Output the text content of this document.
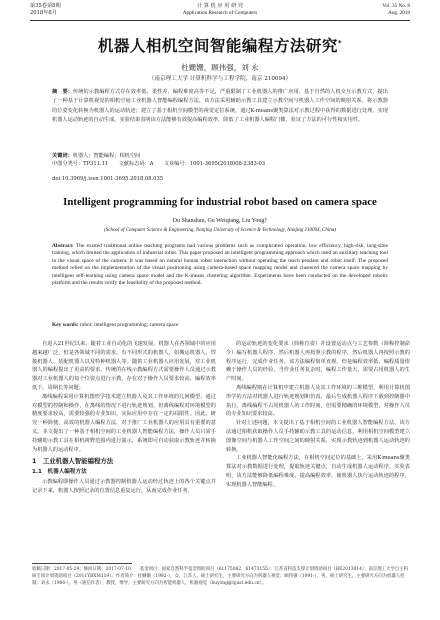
第35卷第8期
2018年8月
计 算 机 应 用 研 究
Application Research of Computers
Vol. 35 No. 8
Aug. 2018
机器人相机空间智能编程方法研究*
杜姗姗，顾伟强，刘 永
（南京理工大学 计算机科学与工程学院，南京 210094）
摘　要：传统的示教编程方式存在效率低、柔性差、编程难度高等不足，严重限制了工业机器人的推广应用。基于自然的人机交互示教方式，提出了一种基于计算机视觉的相机空间工业机器人智能编程编程方法，该方法采用辅助示教工具建立示教空间与机器人工作空间的映射关系，将示教器的位姿变化转换为机器人的运动轨迹；建立了基于相机空间模型的视觉定位系统，通过K-means聚类算法对示教过程中获得的数据进行处理，实现机器人运动轨迹的自动生成。实验结果表明该方法能够有效提高编程效率，降低了工业机器人编程门槛，验证了方法的可行性和实用性。
关键词：机器人；智能编程；相机空间
中图分类号：TP311.11　　文献标志码：A　　文章编号：1001-3695(2018)08-2383-03
doi:10.3969/j.issn.1001-3695.2018.08.035
Intelligent programming for industrial robot based on camera space
Du Shanshan, Gu Weiqiang, Liu Yong†
(School of Computer Science & Engineering, Nanjing University of Science & Technology, Nanjing 210094, China)
Abstract: The existed traditional online teaching programs had various problems such as complicated operation, low efficiency, high-risk, long-time training, which limited the application of industrial robot. This paper proposed an intelligent programming approach which used an auxiliary teaching tool in the visual space of the camera. It was based on natural human robot interaction without operating the teach pendant and robot itself. The proposed method relied on the implementation of the visual positioning using camera-based space mapping model and clustered the camera space mapping by intelligent self-learning using camera space model and the K-means clustering algorithm. Experiments have been conducted on the developed robotic platform and the results verify the feasibility of the proposed method.
Key words: robot; intelligent programming; camera space

自进入21世纪以来，随着工业自动化的飞速发展，机器人在各领域中的应用越来越广泛，但是各领域不同的需求，有不同形式的机器人，如搬运机器人、焊接机器人、装配机器人以及特种机器人等。随着工业机器人应用发展，对工业机器人的编程提出了更高的要求。传统的在线示教编程方式需要操作人员通过示教器对工业机器人的每个位姿点进行示教，存在对于操作人员要求较高、编程效率低下、周期长等问题。

离线编程采用计算机图形学技术建立机器人及其工作环境的几何模型，通过对模型的控制和操作，在离线的情况下进行轨迹规划，但离线编程对环境模型的精度要求较高，需要较强的专业知识，实际应用中存在一定的局限性。因此，研究一种简便、高效的机器人编程方法，对于推广工业机器人的应用具有重要的意义。本文提出了一种基于相机空间的工业机器人智能编程方法，操作人员只需手持辅助示教工具在相机视野范围内进行演示，系统即可自动获取示教轨迹并转换为机器人的运动程序。

1　工业机器人智能编程方法
1.1　机器人编程方法

示教编程即操作人员通过示教器控制机器人运动经过轨迹上的各个关键点并记录下来，机器人按照记录的位置信息重复运行，从而完成作业任务。

的运动轨迹的变化要求（简称位姿）并设置运动点与工艺参数（简称控制命令）编写机器人程序，然后机器人再按照示教的程序，然后机器人再按照示教的程序运行，完成作业任务。该方法编程简单直观，但是编程效率低，编程质量依赖于操作人员的经验，当作业任务复杂时，编程工作量大，需要占用机器人的生产时间。

离线编程则在计算机中建立机器人及其工作环境的三维模型，利用计算机图形学的方法对机器人进行轨迹规划和仿真，最后生成机器人程序下载到控制器中执行。离线编程不占用机器人的工作时间，但需要精确的环境模型，对操作人员的专业知识要求较高。

针对上述问题，本文提出了基于相机空间的工业机器人智能编程方法。该方法通过相机获取操作人员手持辅助示教工具的运动信息，利用相机空间模型建立图像空间与机器人工作空间之间的映射关系，实现示教轨迹到机器人运动轨迹的转换。

工业机器人智能化编程方法，在相机空间定位的基础上，采用K-means聚类算法对示教数据进行处理，提取轨迹关键点，自动生成机器人运动程序。实验表明，该方法能够降低编程难度，提高编程效率，使机器人执行运动轨迹的程序，实现机器人智能编程。

收稿日期：2017-05-29；修回日期：2017-07-10　　基金项目：国家自然科学基金资助项目（61175082，61473155）；江苏省科技支撑计划资助项目（BE2013014）；南京理工大学自主科研专项计划资助项目（2011YBXM119）。作者简介：杜姗姗（1992-），女，江苏人，硕士研究生，主要研究方向为机器人视觉；顾伟强（1991-），男，硕士研究生，主要研究方向为机器人控制；刘永（1966-），男（通信作者），教授，博导，主要研究方向为智能机器人、机器视觉（liuyong@njust.edu.cn）。
